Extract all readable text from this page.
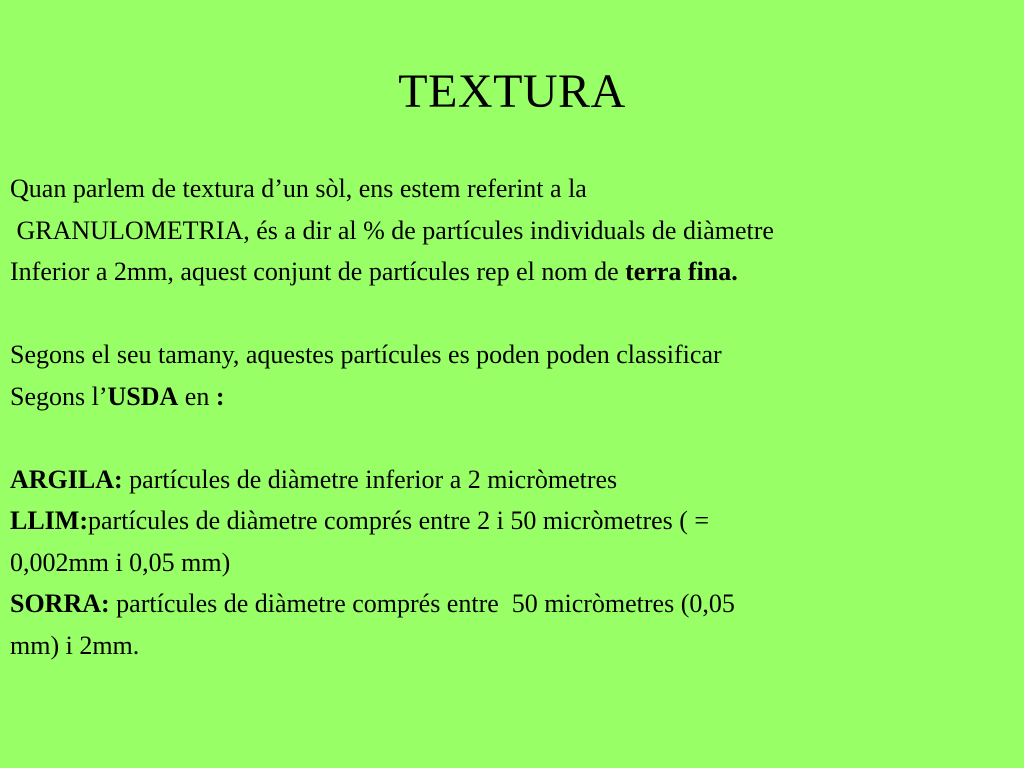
TEXTURA
Quan parlem de textura d’un sòl, ens estem referint a la
GRANULOMETRIA, és a dir al % de partícules individuals de diàmetre
Inferior a 2mm, aquest conjunt de partícules rep el nom de terra fina.
Segons el seu tamany, aquestes partícules es poden poden classificar
Segons l’USDA en :
ARGILA: partícules de diàmetre inferior a 2 micròmetres
LLIM:partícules de diàmetre comprés entre 2 i 50 micròmetres ( =
0,002mm i 0,05 mm)
SORRA: partícules de diàmetre comprés entre  50 micròmetres (0,05
mm) i 2mm.
